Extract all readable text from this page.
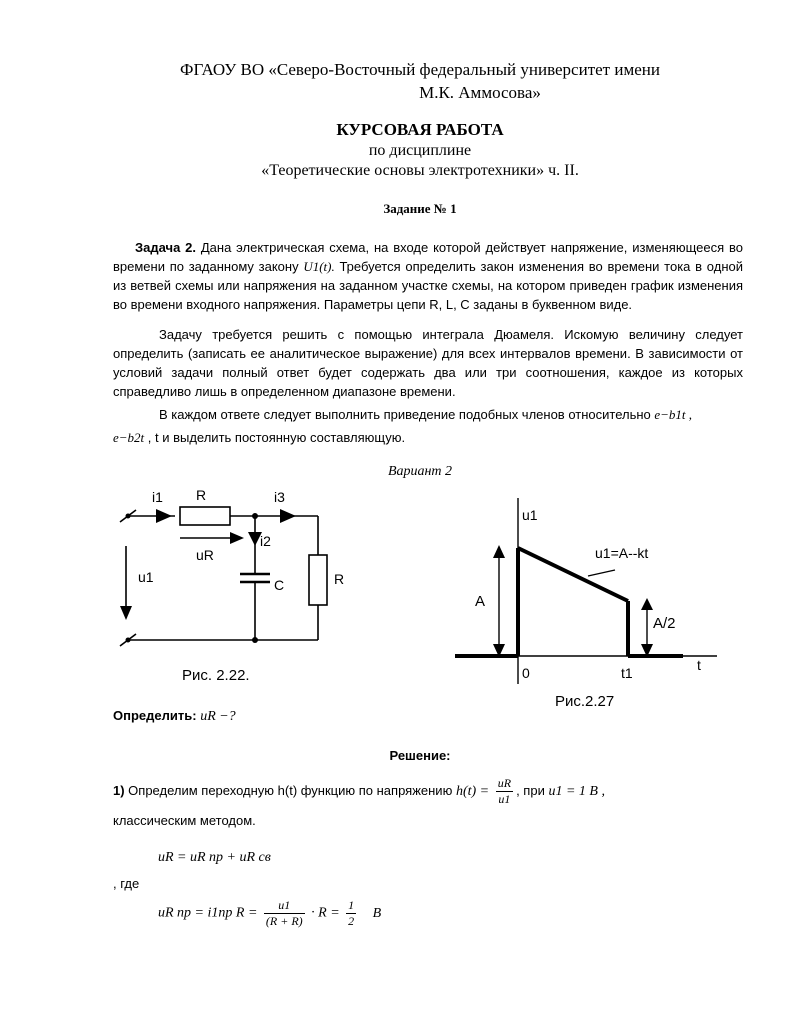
ФГАОУ ВО «Северо-Восточный федеральный университет имени
М.К. Аммосова»
КУРСОВАЯ РАБОТА
по дисциплине
«Теоретические основы электротехники» ч. II.
Задание № 1
Задача 2. Дана электрическая схема, на входе которой действует напряжение, изменяющееся во времени по заданному закону U1(t). Требуется определить закон изменения во времени тока в одной из ветвей схемы или напряжения на заданном участке схемы, на котором приведен график изменения во времени входного напряжения. Параметры цепи R, L, C заданы в буквенном виде.
Задачу требуется решить с помощью интеграла Дюамеля. Искомую величину следует определить (записать ее аналитическое выражение) для всех интервалов времени. В зависимости от условий задачи полный ответ будет содержать два или три соотношения, каждое из которых справедливо лишь в определенном диапазоне времени.
В каждом ответе следует выполнить приведение подобных членов относительно e−b1t ,
e−b2t , t и выделить постоянную составляющую.
Вариант 2
i1 R	i3
i2
uR
u1	C	R
Рис. 2.22.
u1
u1=A--kt
A
A/2
0	t1	t
Рис.2.27
Определить: uR −?
Решение:
1) Определим переходную h(t) функцию по напряжению $h(t) = \frac{uR}{u1}$ , при u1 = 1 B ,
классическим методом.
uR = uR пр + uR св
, где
uR пр = i1пр $R = \frac{u1}{(R + R)} \cdot R = \frac{1}{2}$ B
